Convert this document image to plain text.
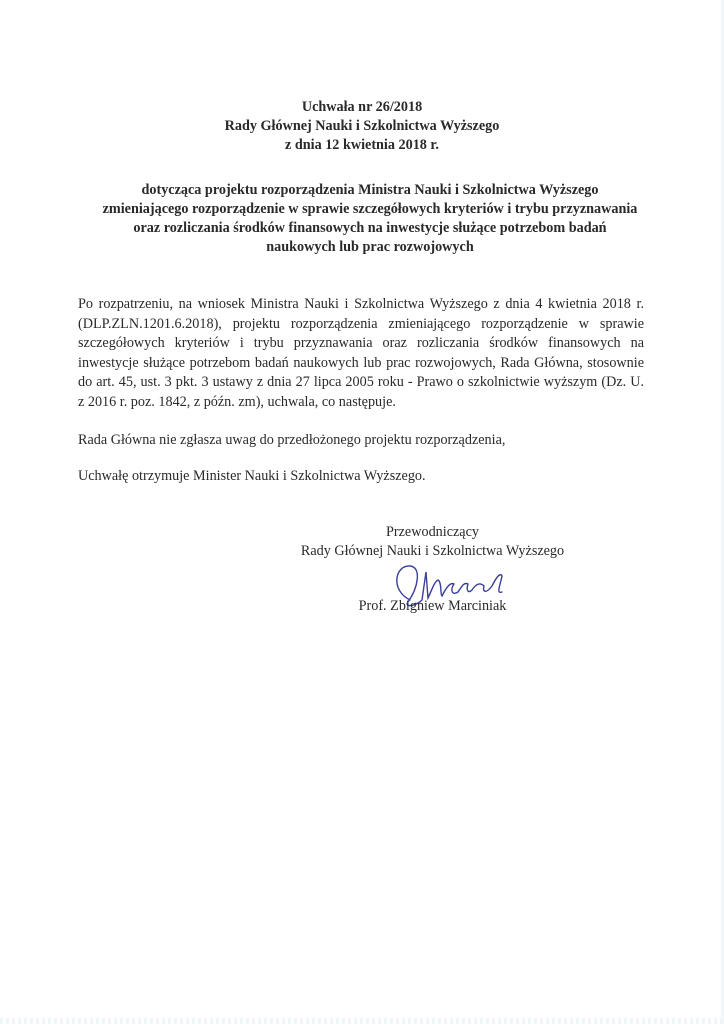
Uchwała nr 26/2018
Rady Głównej Nauki i Szkolnictwa Wyższego
z dnia 12 kwietnia 2018 r.
dotycząca projektu rozporządzenia Ministra Nauki i Szkolnictwa Wyższego
zmieniającego rozporządzenie w sprawie szczegółowych kryteriów i trybu przyznawania
oraz rozliczania środków finansowych na inwestycje służące potrzebom badań
naukowych lub prac rozwojowych

Po rozpatrzeniu, na wniosek Ministra Nauki i Szkolnictwa Wyższego z dnia 4 kwietnia 2018 r. (DLP.ZLN.1201.6.2018), projektu rozporządzenia zmieniającego rozporządzenie w sprawie szczegółowych kryteriów i trybu przyznawania oraz rozliczania środków finansowych na inwestycje służące potrzebom badań naukowych lub prac rozwojowych, Rada Główna, stosownie do art. 45, ust. 3 pkt. 3 ustawy z dnia 27 lipca 2005 roku - Prawo o szkolnictwie wyższym (Dz. U. z 2016 r. poz. 1842, z późn. zm), uchwala, co następuje.

Rada Główna nie zgłasza uwag do przedłożonego projektu rozporządzenia,
Uchwałę otrzymuje Minister Nauki i Szkolnictwa Wyższego.
Przewodniczący
Rady Głównej Nauki i Szkolnictwa Wyższego
Prof. Zbigniew Marciniak
